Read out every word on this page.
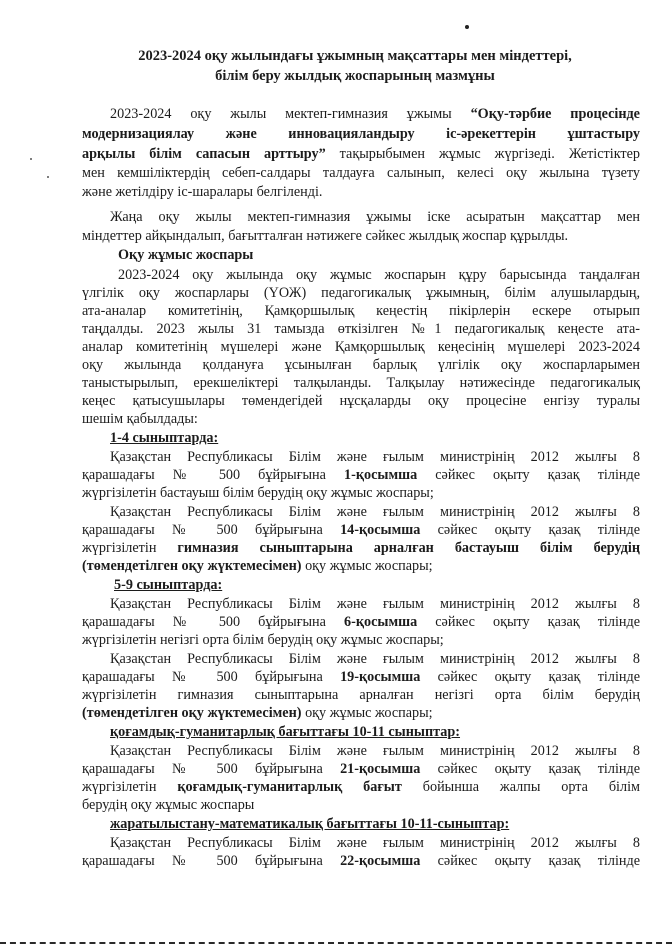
2023-2024 оқу жылындағы ұжымның мақсаттары мен міндеттері,
білім беру жылдық жоспарының мазмұны
2023-2024 оқу жылы мектеп-гимназия ұжымы “Оқу-тәрбие процесінде
модернизациялау және инновацияландыру іс-әрекеттерін ұштастыру
арқылы білім сапасын арттыру” тақырыбымен жұмыс жүргізеді. Жетістіктер
мен кемшіліктердің себеп-салдары талдауға салынып, келесі оқу жылына түзету
және жетілдіру іс-шаралары белгіленді.
Жаңа оқу жылы мектеп-гимназия ұжымы іске асыратын мақсаттар мен
міндеттер айқындалып, бағытталған нәтижеге сәйкес жылдық жоспар құрылды.
Оқу жұмыс жоспары
2023-2024 оқу жылында оқу жұмыс жоспарын құру барысында таңдалған
үлгілік оқу жоспарлары (ҮОЖ) педагогикалық ұжымның, білім алушылардың,
ата-аналар комитетінің, Қамқоршылық кеңестің пікірлерін ескере отырып
таңдалды. 2023 жылы 31 тамызда өткізілген №1 педагогикалық кеңесте ата-
аналар комитетінің мүшелері және Қамқоршылық кеңесінің мүшелері 2023-2024
оқу жылында қолдануға ұсынылған барлық үлгілік оқу жоспарларымен
таныстырылып, ерекшеліктері талқыланды. Талқылау нәтижесінде педагогикалық
кеңес қатысушылары төмендегідей нұсқаларды оқу процесіне енгізу туралы
шешім қабылдады:
1-4 сыныптарда:
Қазақстан Республикасы Білім және ғылым министрінің 2012 жылғы 8
қарашадағы № 500 бұйрығына 1-қосымша сәйкес оқыту қазақ тілінде
жүргізілетін бастауыш білім берудің оқу жұмыс жоспары;
Қазақстан Республикасы Білім және ғылым министрінің 2012 жылғы 8
қарашадағы № 500 бұйрығына 14-қосымша сәйкес оқыту қазақ тілінде
жүргізілетін гимназия сыныптарына арналған бастауыш білім берудің
(төмендетілген оқу жүктемесімен) оқу жұмыс жоспары;
5-9 сыныптарда:
Қазақстан Республикасы Білім және ғылым министрінің 2012 жылғы 8
қарашадағы № 500 бұйрығына 6-қосымша сәйкес оқыту қазақ тілінде
жүргізілетін негізгі орта білім берудің оқу жұмыс жоспары;
Қазақстан Республикасы Білім және ғылым министрінің 2012 жылғы 8
қарашадағы № 500 бұйрығына 19-қосымша сәйкес оқыту қазақ тілінде
жүргізілетін гимназия сыныптарына арналған негізгі орта білім берудің
(төмендетілген оқу жүктемесімен) оқу жұмыс жоспары;
қоғамдық-гуманитарлық бағыттағы 10-11 сыныптар:
Қазақстан Республикасы Білім және ғылым министрінің 2012 жылғы 8
қарашадағы № 500 бұйрығына 21-қосымша сәйкес оқыту қазақ тілінде
жүргізілетін қоғамдық-гуманитарлық бағыт бойынша жалпы орта білім
берудің оқу жұмыс жоспары
жаратылыстану-математикалық бағыттағы 10-11-сыныптар:
Қазақстан Республикасы Білім және ғылым министрінің 2012 жылғы 8
қарашадағы № 500 бұйрығына 22-қосымша сәйкес оқыту қазақ тілінде
